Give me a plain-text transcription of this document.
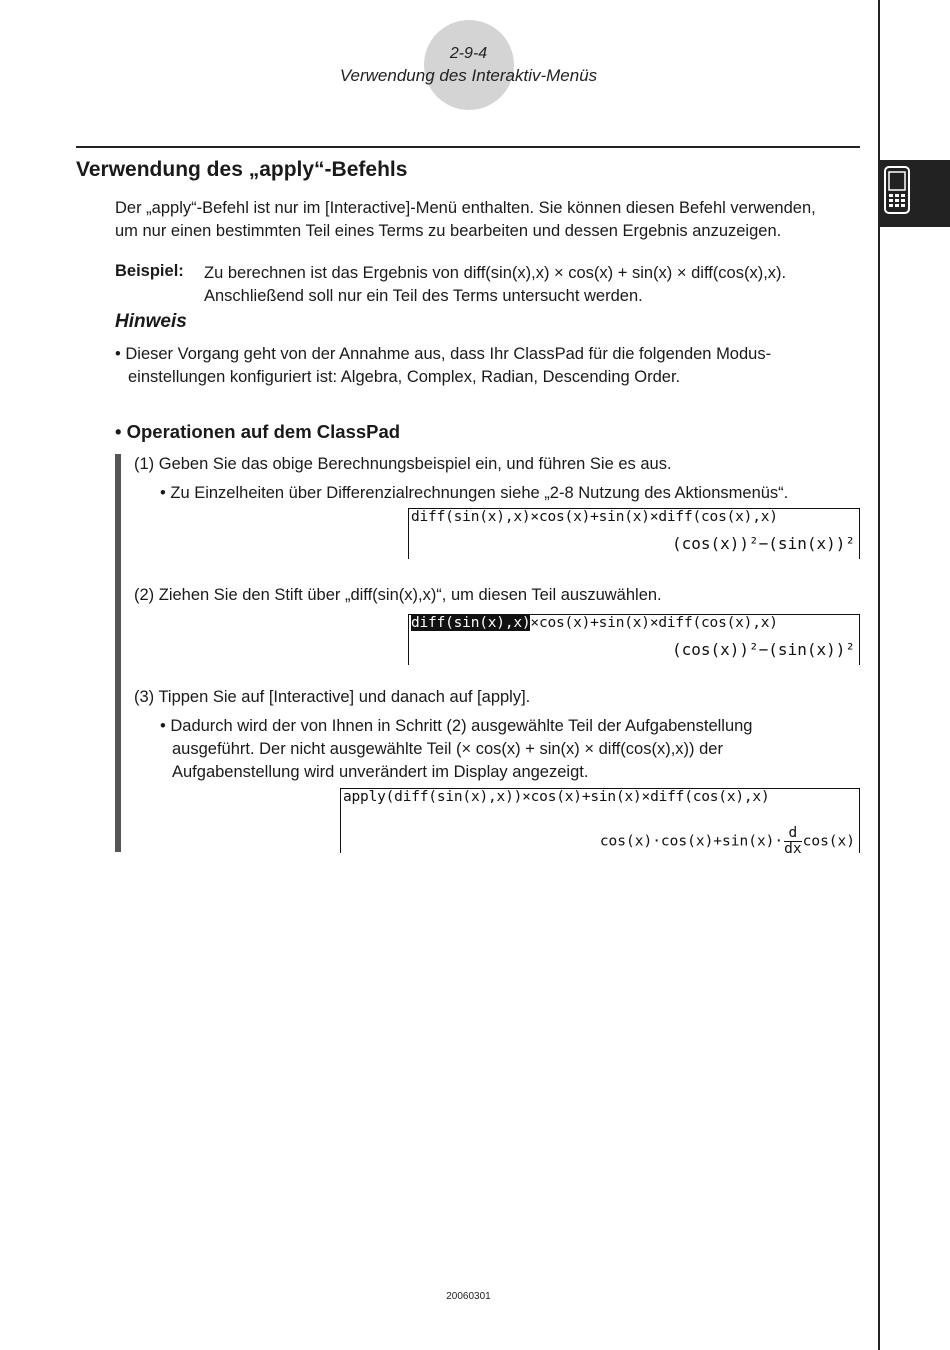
2-9-4
Verwendung des Interaktiv-Menüs
Verwendung des „apply“-Befehls
Der „apply“-Befehl ist nur im [Interactive]-Menü enthalten. Sie können diesen Befehl verwenden,
um nur einen bestimmten Teil eines Terms zu bearbeiten und dessen Ergebnis anzuzeigen.
Beispiel: Zu berechnen ist das Ergebnis von diff(sin(x),x) × cos(x) + sin(x) × diff(cos(x),x).
Anschließend soll nur ein Teil des Terms untersucht werden.
Hinweis
• Dieser Vorgang geht von der Annahme aus, dass Ihr ClassPad für die folgenden Modus-
einstellungen konfiguriert ist: Algebra, Complex, Radian, Descending Order.
• Operationen auf dem ClassPad
(1) Geben Sie das obige Berechnungsbeispiel ein, und führen Sie es aus.
• Zu Einzelheiten über Differenzialrechnungen siehe „2-8 Nutzung des Aktionsmenüs“.
diff(sin(x),x)×cos(x)+sin(x)×diff(cos(x),x)
(cos(x))²−(sin(x))²
(2) Ziehen Sie den Stift über „diff(sin(x),x)“, um diesen Teil auszuwählen.
diff(sin(x),x)×cos(x)+sin(x)×diff(cos(x),x)
(cos(x))²−(sin(x))²
(3) Tippen Sie auf [Interactive] und danach auf [apply].
• Dadurch wird der von Ihnen in Schritt (2) ausgewählte Teil der Aufgabenstellung
ausgeführt. Der nicht ausgewählte Teil (× cos(x) + sin(x) × diff(cos(x),x)) der
Aufgabenstellung wird unverändert im Display angezeigt.
apply(diff(sin(x),x))×cos(x)+sin(x)×diff(cos(x),x)

$\cos(x)\cdot\cos(x)+\sin(x)\cdot \frac{d}{dx} \cos(x)$

20060301
